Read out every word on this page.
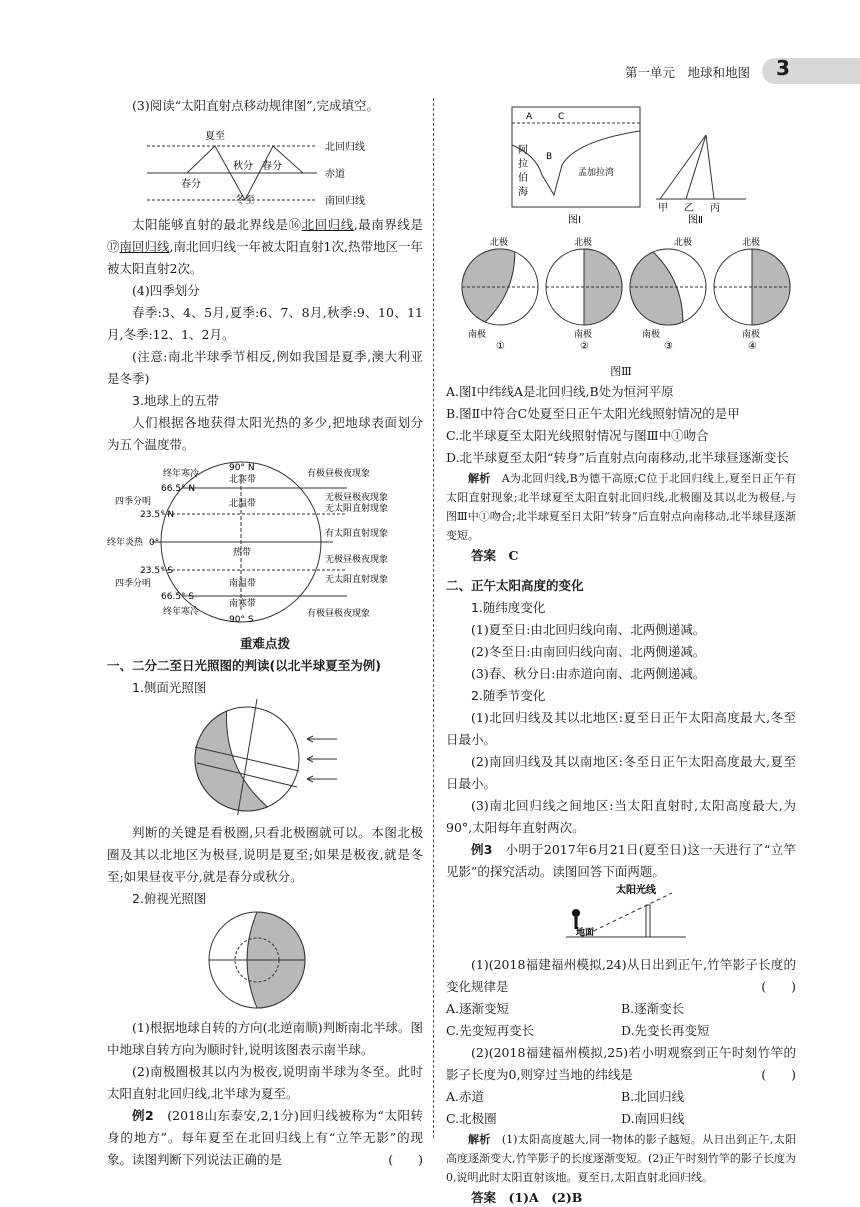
第一单元　地球和地图 3

(3)阅读“太阳直射点移动规律图”,完成填空。

夏至
北回归线
秋分 春分
赤道
春分
冬至	南回归线

太阳能够直射的最北界线是⑯北回归线,最南界线是⑰南回归线,南北回归线一年被太阳直射1次,热带地区一年被太阳直射2次。

(4)四季划分

春季:3、4、5月,夏季:6、7、8月,秋季:9、10、11月,冬季:12、1、2月。

(注意:南北半球季节相反,例如我国是夏季,澳大利亚是冬季)

3.地球上的五带

人们根据各地获得太阳光热的多少,把地球表面划分为五个温度带。

90° N
66.5° N
23.5° N
0°
23.5° S
66.5° S
90° S
终年寒冷
四季分明
终年炎热
四季分明
终年寒冷
北寒带
北温带
热带
南温带
南寒带
有极昼极夜现象
无极昼极夜现象
无太阳直射现象
有太阳直射现象
无极昼极夜现象
无太阳直射现象
有极昼极夜现象

重难点拨

一、二分二至日光照图的判读(以北半球夏至为例)

1.侧面光照图

判断的关键是看极圈,只看北极圈就可以。本图北极圈及其以北地区为极昼,说明是夏至;如果是极夜,就是冬至;如果昼夜平分,就是春分或秋分。

2.俯视光照图

(1)根据地球自转的方向(北逆南顺)判断南北半球。图中地球自转方向为顺时针,说明该图表示南半球。

(2)南极圈极其以内为极夜,说明南半球为冬至。此时太阳直射北回归线,北半球为夏至。

例2　 (2018山东泰安,2,1分)回归线被称为“太阳转身的地方”。每年夏至在北回归线上有“立竿无影”的现象。读图判断下列说法正确的是	(　　)

A
B
C
阿
拉
伯
海
孟加拉湾
图Ⅰ
甲 乙 丙
图Ⅱ

北极
南极
①
北极
南极
②
北极
南极
③
北极
南极
④

图Ⅲ

A.图Ⅰ中纬线A是北回归线,B处为恒河平原

B.图Ⅱ中符合C处夏至日正午太阳光线照射情况的是甲

C.北半球夏至太阳光线照射情况与图Ⅲ中①吻合

D.北半球夏至太阳“转身”后直射点向南移动,北半球昼逐渐变长

解析　 A为北回归线,B为德干高原;C位于北回归线上,夏至日正午有太阳直射现象;北半球夏至太阳直射北回归线,北极圈及其以北为极昼,与图Ⅲ中①吻合;北半球夏至日太阳“转身”后直射点向南移动,北半球昼逐渐变短。

答案　 C

二、正午太阳高度的变化

1.随纬度变化

(1)夏至日:由北回归线向南、北两侧递减。

(2)冬至日:由南回归线向南、北两侧递减。

(3)春、秋分日:由赤道向南、北两侧递减。

2.随季节变化

(1)北回归线及其以北地区:夏至日正午太阳高度最大,冬至日最小。

(2)南回归线及其以南地区:冬至日正午太阳高度最大,夏至日最小。

(3)南北回归线之间地区:当太阳直射时,太阳高度最大,为90°,太阳每年直射两次。

例3　 小明于2017年6月21日(夏至日)这一天进行了“立竿见影”的探究活动。读图回答下面两题。

太阳光线
地面

(1)(2018福建福州模拟,24)从日出到正午,竹竿影子长度的变化规律是	(　　)

A.逐渐变短	B.逐渐变长
C.先变短再变长	D.先变长再变短

(2)(2018福建福州模拟,25)若小明观察到正午时刻竹竿的影子长度为0,则穿过当地的纬线是	(　　)

A.赤道	B.北回归线
C.北极圈	D.南回归线

解析　 (1)太阳高度越大,同一物体的影子越短。从日出到正午,太阳高度逐渐变大,竹竿影子的长度逐渐变短。(2)正午时刻竹竿的影子长度为0,说明此时太阳直射该地。夏至日,太阳直射北回归线。

答案　 (1)A　(2)B
